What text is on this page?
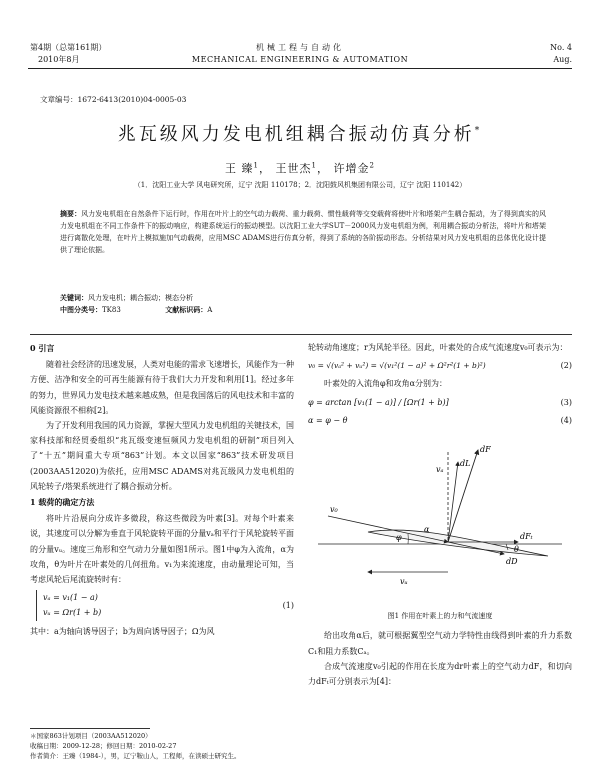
第4期（总第161期）
2010年8月
机械工程与自动化
MECHANICAL ENGINEERING & AUTOMATION
No. 4
Aug.
文章编号：1672-6413(2010)04-0005-03
兆瓦级风力发电机组耦合振动仿真分析*
王 臻$^1$， 王世杰$^1$， 许增金$^2$
（1．沈阳工业大学 风电研究所，辽宁 沈阳 110178；2．沈阳鼓风机集团有限公司，辽宁 沈阳 110142）
摘要：风力发电机组在自然条件下运行时，作用在叶片上的空气动力载荷、重力载荷、惯性载荷等交变载荷将使叶片和塔架产生耦合振动，为了得到真实的风力发电机组在不同工作条件下的振动响应，构建系统运行的振动模型。以沈阳工业大学SUT－2000风力发电机组为例，利用耦合振动分析法，将叶片和塔架进行离散化处理，在叶片上模拟施加气动载荷，应用MSC ADAMS进行仿真分析，得到了系统的各阶振动形态。分析结果对风力发电机组的总体优化设计提供了理论依据。
关键词：风力发电机；耦合振动；模态分析
中图分类号：TK83	文献标识码：A
0 引言
随着社会经济的迅速发展，人类对电能的需求飞速增长，风能作为一种方便、洁净和安全的可再生能源有待于我们大力开发和利用[1]。经过多年的努力，世界风力发电技术越来越成熟，但是我国落后的风电技术和丰富的风能资源很不相称[2]。
为了开发利用我国的风力资源，掌握大型风力发电机组的关键技术，国家科技部和经贸委组织“兆瓦级变速恒频风力发电机组的研制”项目列入了“十五”期间重大专项“863”计划。本文以国家“863”技术研发项目(2003AA512020)为依托，应用MSC ADAMS对兆瓦级风力发电机组的风轮转子/塔架系统进行了耦合振动分析。
1 载荷的确定方法
将叶片沿展向分成许多微段，称这些微段为叶素[3]。对每个叶素来说，其速度可以分解为垂直于风轮旋转平面的分量vₐ和平行于风轮旋转平面的分量vᵤ。速度三角形和空气动力分量如图1所示。图1中φ为入流角，α为攻角，θ为叶片在叶素处的几何扭角。v₁为来流速度，由动量理论可知，当考虑风轮后尾流旋转时有：
vₐ = v₁(1 − a)
vᵤ = Ωr(1 + b)
(1)
其中：a为轴向诱导因子；b为周向诱导因子；Ω为风
轮转动角速度；r为风轮半径。因此，叶素处的合成气流速度v₀可表示为：
v₀ = √(vₐ² + vᵤ²) = √(v₁²(1 − a)² + Ω²r²(1 + b)²)	(2)
叶素处的入流角φ和攻角α分别为：
φ = arctan [v₁(1 − a)] / [Ωr(1 + b)]	(3)
α = φ − θ	(4)
dF
dL
dD
dFₜ
v₀
vₐ
vᵤ
φ
α
θ
图1 作用在叶素上的力和气流速度
给出攻角α后，就可根据翼型空气动力学特性由线得到叶素的升力系数C₁和阻力系数Cₐ。
合成气流速度v₀引起的作用在长度为dr叶素上的空气动力dF，和切向力dFₜ可分别表示为[4]：
＊国家863计划项目（2003AA512020）
收稿日期：2009-12-28；修回日期：2010-02-27
作者简介：王臻（1984-），男，辽宁鞍山人，工程师，在读硕士研究生。
